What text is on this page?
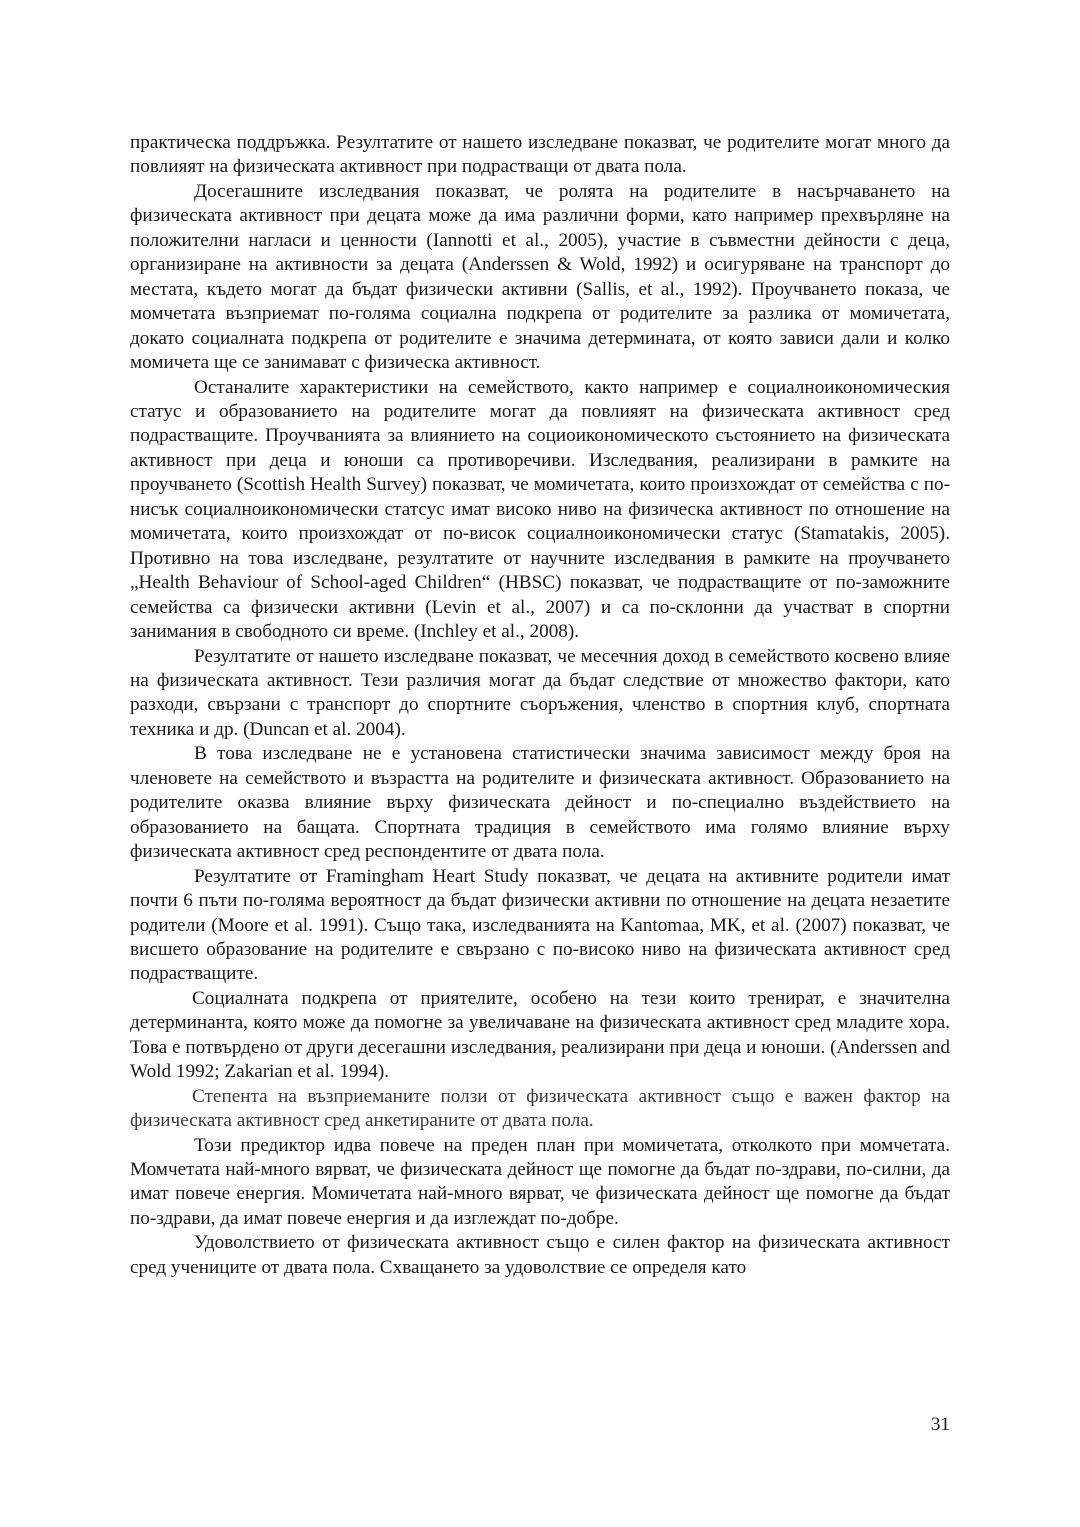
практическа поддръжка. Резултатите от нашето изследване показват, че родителите могат много да повлияят на физическата активност при подрастващи от двата пола.

Досегашните изследвания показват, че ролята на родителите в насърчаването на физическата активност при децата може да има различни форми, като например прехвърляне на положителни нагласи и ценности (Iannotti et al., 2005), участие в съвместни дейности с деца, организиране на активности за децата (Anderssen & Wold, 1992) и осигуряване на транспорт до местата, където могат да бъдат физически активни (Sallis, et al., 1992). Проучването показа, че момчетата възприемат по-голяма социална подкрепа от родителите за разлика от момичетата, докато социалната подкрепа от родителите е значима детермината, от която зависи дали и колко момичета ще се занимават с физическа активност.

Останалите характеристики на семейството, както например е социалноикономическия статус и образованието на родителите могат да повлияят на физическата активност сред подрастващите. Проучванията за влиянието на социоикономическото състоянието на физическата активност при деца и юноши са противоречиви. Изследвания, реализирани в рамките на проучването (Scottish Health Survey) показват, че момичетата, които произхождат от семейства с по-нисък социалноикономически статсус имат високо ниво на физическа активност по отношение на момичетата, които произхождат от по-висок социалноикономически статус (Stamatakis, 2005). Противно на това изследване, резултатите от научните изследвания в рамките на проучването „Health Behaviour of School-aged Children“ (HBSC) показват, че подрастващите от по-заможните семейства са физически активни (Levin et al., 2007) и са по-склонни да участват в спортни занимания в свободното си време. (Inchley et al., 2008).

Резултатите от нашето изследване показват, че месечния доход в семейството косвено влияе на физическата активност. Тези различия могат да бъдат следствие от множество фактори, като разходи, свързани с транспорт до спортните съоръжения, членство в спортния клуб, спортната техника и др. (Duncan et al. 2004).

В това изследване не е установена статистически значима зависимост между броя на членовете на семейството и възрастта на родителите и физическата активност. Образованието на родителите оказва влияние върху физическата дейност и по-специално въздействието на образованието на бащата. Спортната традиция в семейството има голямо влияние върху физическата активност сред респондентите от двата пола.

Резултатите от Framingham Heart Study показват, че децата на активните родители имат почти 6 пъти по-голяма вероятност да бъдат физически активни по отношение на децата незаетите родители (Moore et al. 1991). Също така, изследванията на Kantomaa, MK, et al. (2007) показват, че висшето образование на родителите е свързано с по-високо ниво на физическата активност сред подрастващите.

Социалната подкрепа от приятелите, особено на тези които тренират, е значителна детерминанта, която може да помогне за увеличаване на физическата активност сред младите хора. Това е потвърдено от други десегашни изследвания, реализирани при деца и юноши. (Anderssen and Wold 1992; Zakarian et al. 1994).

Степента на възприеманите ползи от физическата активност също е важен фактор на физическата активност сред анкетираните от двата пола.

Този предиктор идва повече на преден план при момичетата, отколкото при момчетата. Момчетата най-много вярват, че физическата дейност ще помогне да бъдат по-здрави, по-силни, да имат повече енергия. Момичетата най-много вярват, че физическата дейност ще помогне да бъдат по-здрави, да имат повече енергия и да изглеждат по-добре.

Удоволствието от физическата активност също е силен фактор на физическата активност сред учениците от двата пола. Схващането за удоволствие се определя като

31
